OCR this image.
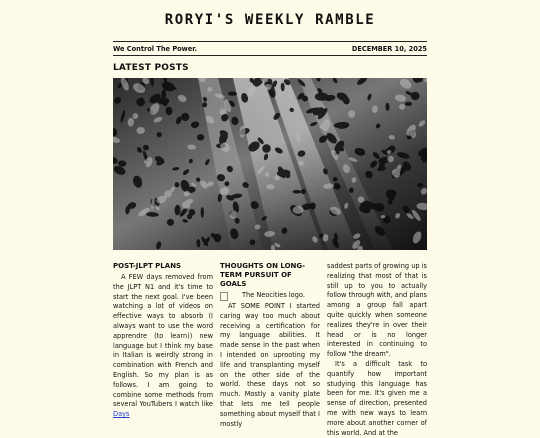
RORYI'S WEEKLY RAMBLE
We Control The Power.	DECEMBER 10, 2025
LATEST POSTS
POST-JLPT PLANS

A FEW days removed from the JLPT N1 and it's time to start the next goal. I've been watching a lot of videos on effective ways to absorb (I always want to use the word apprendre (to learn)) new language but I think my base in Italian is weirdly strong in combination with French and English. So my plan is as follows. I am going to combine some methods from several YouTubers I watch like Days

THOUGHTS ON LONG-TERM PURSUIT OF GOALS
The Neocities logo.

AT SOME POINT I started caring way too much about receiving a certification for my language abilities. It made sense in the past when I intended on uprooting my life and transplanting myself on the other side of the world. these days not so much. Mostly a vanity plate that lets me tell people something about myself that I mostly

saddest parts of growing up is realizing that most of that is still up to you to actually follow through with, and plans among a group fall apart quite quickly when someone realizes they're in over their head or is no longer interested in continuing to follow "the dream".

It's a difficult task to quantify how important studying this language has been for me. It's given me a sense of direction, presented me with new ways to learn more about another corner of this world. And at the
